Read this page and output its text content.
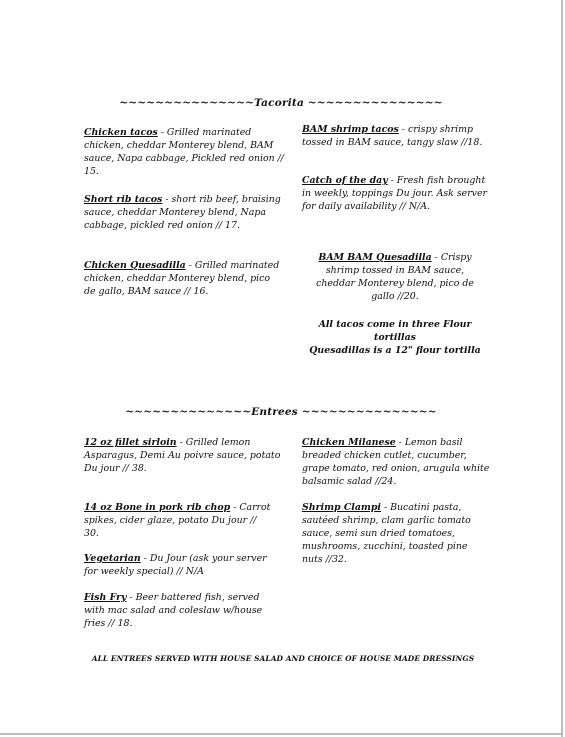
~~~~~~~~~~~~~~~Tacorita ~~~~~~~~~~~~~~~
Chicken tacos - Grilled marinated chicken, cheddar Monterey blend, BAM sauce, Napa cabbage, Pickled red onion // 15.
Short rib tacos - short rib beef, braising sauce, cheddar Monterey blend, Napa cabbage, pickled red onion // 17.
Chicken Quesadilla - Grilled marinated chicken, cheddar Monterey blend, pico de gallo, BAM sauce // 16.
BAM shrimp tacos - crispy shrimp tossed in BAM sauce, tangy slaw //18.
Catch of the day - Fresh fish brought in weekly, toppings Du jour. Ask server for daily availability // N/A.
BAM BAM Quesadilla - Crispy shrimp tossed in BAM sauce, cheddar Monterey blend, pico de gallo //20.
All tacos come in three Flour tortillas
Quesadillas is a 12" flour tortilla
~~~~~~~~~~~~~~Entrees ~~~~~~~~~~~~~~~
12 oz fillet sirloin - Grilled lemon Asparagus, Demi Au poivre sauce, potato Du jour // 38.
14 oz Bone in pork rib chop - Carrot spikes, cider glaze, potato Du jour // 30.
Vegetarian - Du Jour (ask your server for weekly special) // N/A
Fish Fry - Beer battered fish, served with mac salad and coleslaw w/house fries // 18.
Chicken Milanese - Lemon basil breaded chicken cutlet, cucumber, grape tomato, red onion, arugula white balsamic salad //24.
Shrimp Clampi - Bucatini pasta, sautéed shrimp, clam garlic tomato sauce, semi sun dried tomatoes, mushrooms, zucchini, toasted pine nuts //32.
ALL ENTREES SERVED WITH HOUSE SALAD AND CHOICE OF HOUSE MADE DRESSINGS
